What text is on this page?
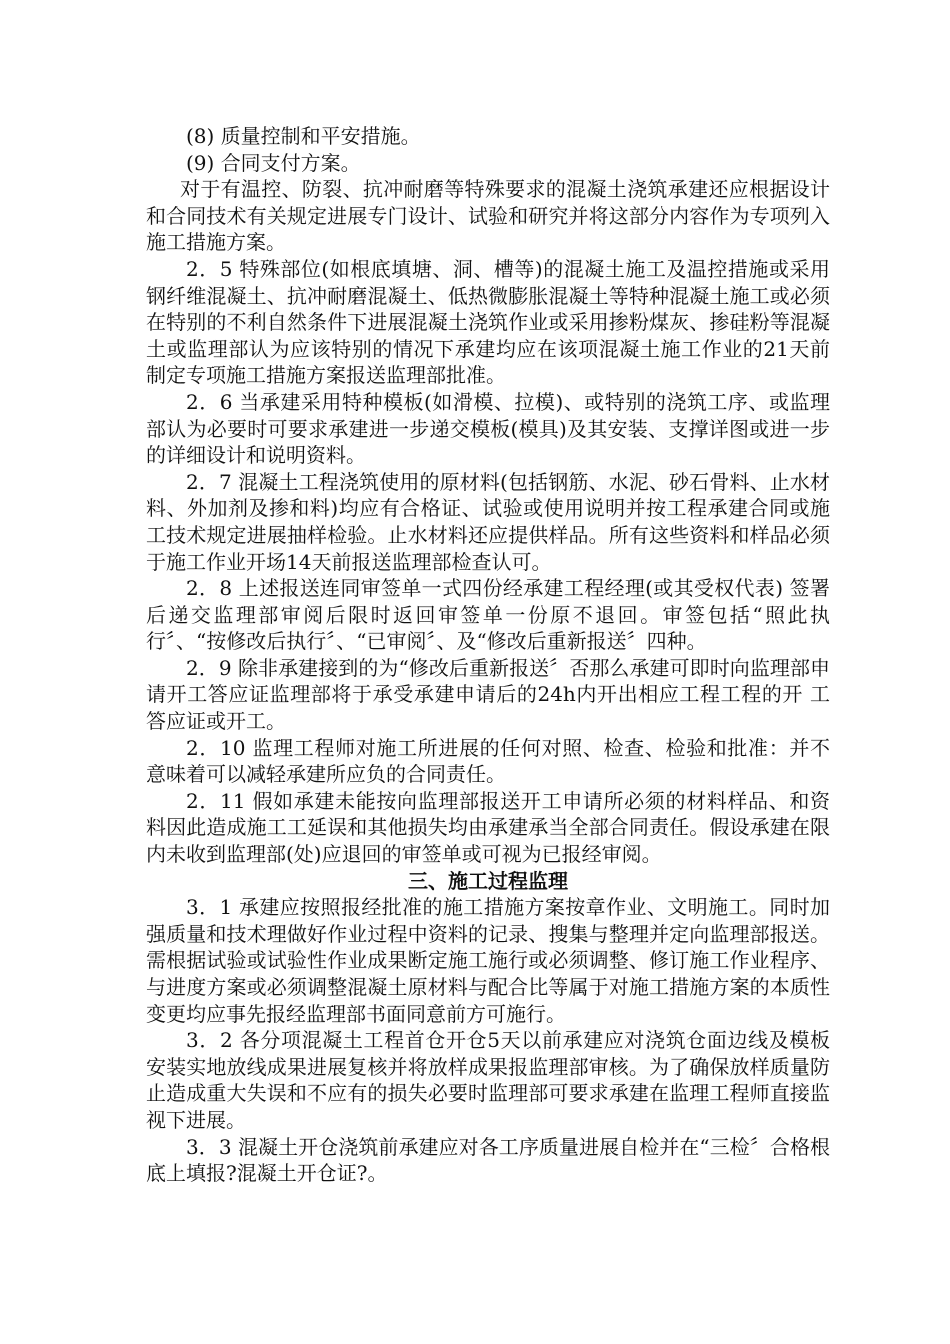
(8) 质量控制和平安措施。

(9) 合同支付方案。

对于有温控、防裂、抗冲耐磨等特殊要求的混凝土浇筑承建还应根据设计和合同技术有关规定进展专门设计、试验和研究并将这部分内容作为专项列入施工措施方案。

2．5 特殊部位(如根底填塘、洞、槽等)的混凝土施工及温控措施或采用钢纤维混凝土、抗冲耐磨混凝土、低热微膨胀混凝土等特种混凝土施工或必须在特别的不利自然条件下进展混凝土浇筑作业或采用掺粉煤灰、掺硅粉等混凝土或监理部认为应该特别的情况下承建均应在该项混凝土施工作业的21天前制定专项施工措施方案报送监理部批准。

2．6 当承建采用特种模板(如滑模、拉模)、或特别的浇筑工序、或监理部认为必要时可要求承建进一步递交模板(模具)及其安装、支撑详图或进一步的详细设计和说明资料。

2．7 混凝土工程浇筑使用的原材料(包括钢筋、水泥、砂石骨料、止水材料、外加剂及掺和料)均应有合格证、试验或使用说明并按工程承建合同或施工技术规定进展抽样检验。止水材料还应提供样品。所有这些资料和样品必须于施工作业开场14天前报送监理部检查认可。

2．8 上述报送连同审签单一式四份经承建工程经理(或其受权代表) 签署后递交监理部审阅后限时返回审签单一份原不退回。审签包括“照此执行〞、“按修改后执行〞、“已审阅〞、及“修改后重新报送〞四种。

2．9 除非承建接到的为“修改后重新报送〞否那么承建可即时向监理部申请开工答应证监理部将于承受承建申请后的24h内开出相应工程工程的开 工答应证或开工。

2．10 监理工程师对施工所进展的任何对照、检查、检验和批准：并不意味着可以减轻承建所应负的合同责任。

2．11 假如承建未能按向监理部报送开工申请所必须的材料样品、和资料因此造成施工工延误和其他损失均由承建承当全部合同责任。假设承建在限内未收到监理部(处)应退回的审签单或可视为已报经审阅。

三、施工过程监理

3．1 承建应按照报经批准的施工措施方案按章作业、文明施工。同时加强质量和技术理做好作业过程中资料的记录、搜集与整理并定向监理部报送。需根据试验或试验性作业成果断定施工施行或必须调整、修订施工作业程序、与进度方案或必须调整混凝土原材料与配合比等属于对施工措施方案的本质性变更均应事先报经监理部书面同意前方可施行。

3．2 各分项混凝土工程首仓开仓5天以前承建应对浇筑仓面边线及模板安装实地放线成果进展复核并将放样成果报监理部审核。为了确保放样质量防止造成重大失误和不应有的损失必要时监理部可要求承建在监理工程师直接监视下进展。

3．3 混凝土开仓浇筑前承建应对各工序质量进展自检并在“三检〞合格根底上填报?混凝土开仓证?。
